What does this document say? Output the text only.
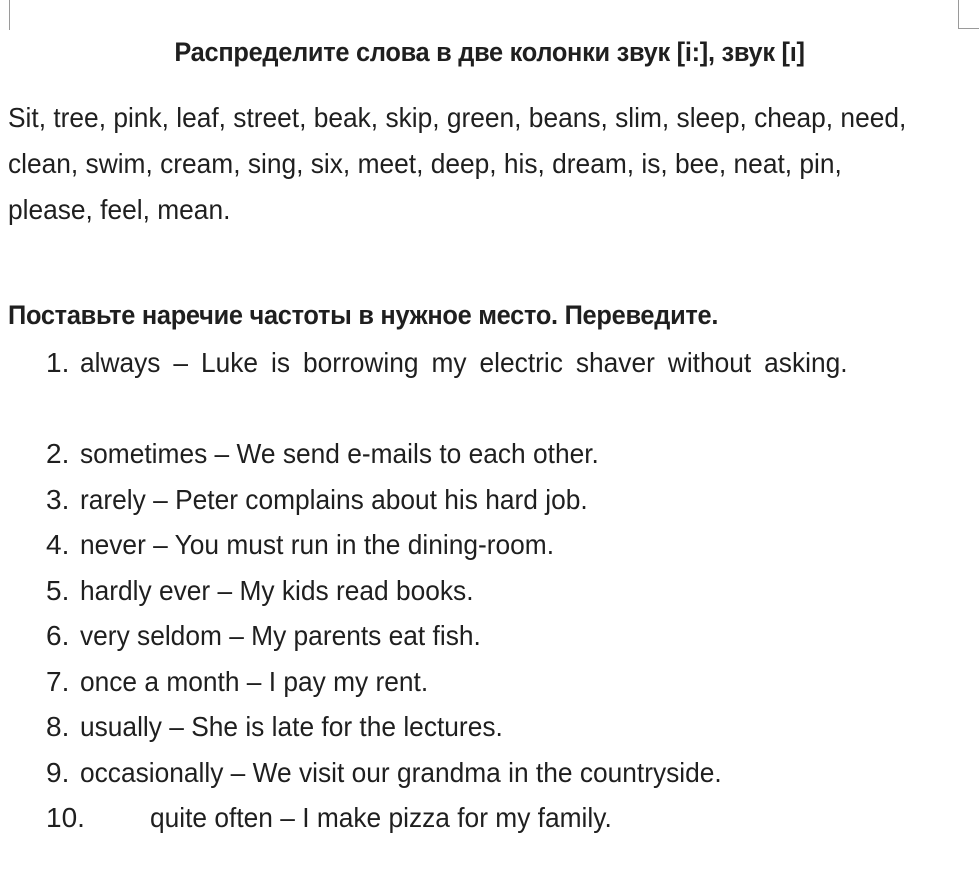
Распределите слова в две колонки звук [i:], звук [ı]
Sit, tree, pink, leaf, street, beak, skip, green, beans, slim, sleep, cheap, need, clean, swim, cream, sing, six, meet, deep, his, dream, is, bee, neat, pin, please, feel, mean.
Поставьте наречие частоты в нужное место. Переведите.
1. always – Luke is borrowing my electric shaver without asking.
2. sometimes – We send e-mails to each other.
3. rarely – Peter complains about his hard job.
4. never – You must run in the dining-room.
5. hardly ever – My kids read books.
6. very seldom – My parents eat fish.
7. once a month – I pay my rent.
8. usually – She is late for the lectures.
9. occasionally – We visit our grandma in the countryside.
10. quite often – I make pizza for my family.
